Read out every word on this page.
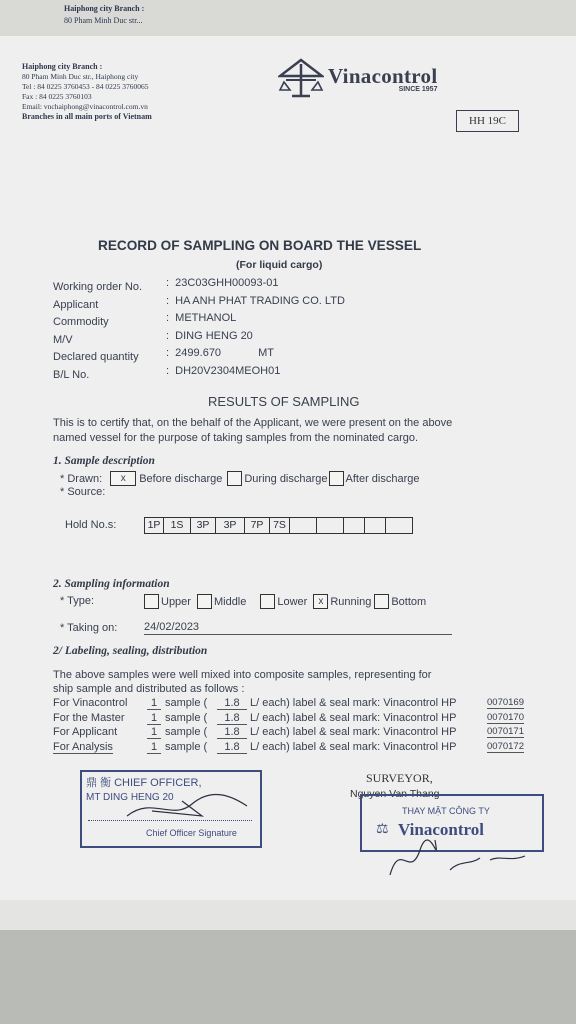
Haiphong city Branch :
80 Pham Minh Duc str...
Haiphong city Branch :
80 Pham Minh Duc str., Haiphong city
Tel : 84 0225 3760453 - 84 0225 3760065
Fax : 84 0225 3760103
Email: vnchaiphong@vinacontrol.com.vn
Branches in all main ports of Vietnam
Vinacontrol
SINCE 1957
HH 19C
RECORD OF SAMPLING ON BOARD THE VESSEL
(For liquid cargo)
Working order No. :  23C03GHH00093-01
Applicant	:  HA ANH PHAT TRADING CO. LTD
Commodity	:  METHANOL
M/V	:  DING HENG 20
Declared quantity :  2499.670	MT
B/L No.	:  DH20V2304MEOH01
RESULTS OF SAMPLING
This is to certify that, on the behalf of the Applicant, we were present on the above
named vessel for the purpose of taking samples from the nominated cargo.
1. Sample description
* Drawn:	x	Before discharge During discharge After discharge
* Source:
Hold No.s:	1P 1S	3P	3P	7P 7S
2. Sampling information
* Type:	Upper Middle	Lower	x Running Bottom
* Taking on: 24/02/2023
2/ Labeling, sealing, distribution
The above samples were well mixed into composite samples, representing for
ship sample and distributed as follows :
For Vinacontrol	1 sample (	1.8 L/ each) label & seal mark: Vinacontrol HP	0070169
For the Master	1 sample (	1.8 L/ each) label & seal mark: Vinacontrol HP	0070170
For Applicant	1 sample (	1.8 L/ each) label & seal mark: Vinacontrol HP	0070171
For Analysis	1 sample (	1.8 L/ each) label & seal mark: Vinacontrol HP	0070172
鼎 衡 CHIEF OFFICER,
MT DING HENG 20
Chief Officer Signature
SURVEYOR,
Nguyen Van Thang
THAY MẶT CÔNG TY
⚖ Vinacontrol
